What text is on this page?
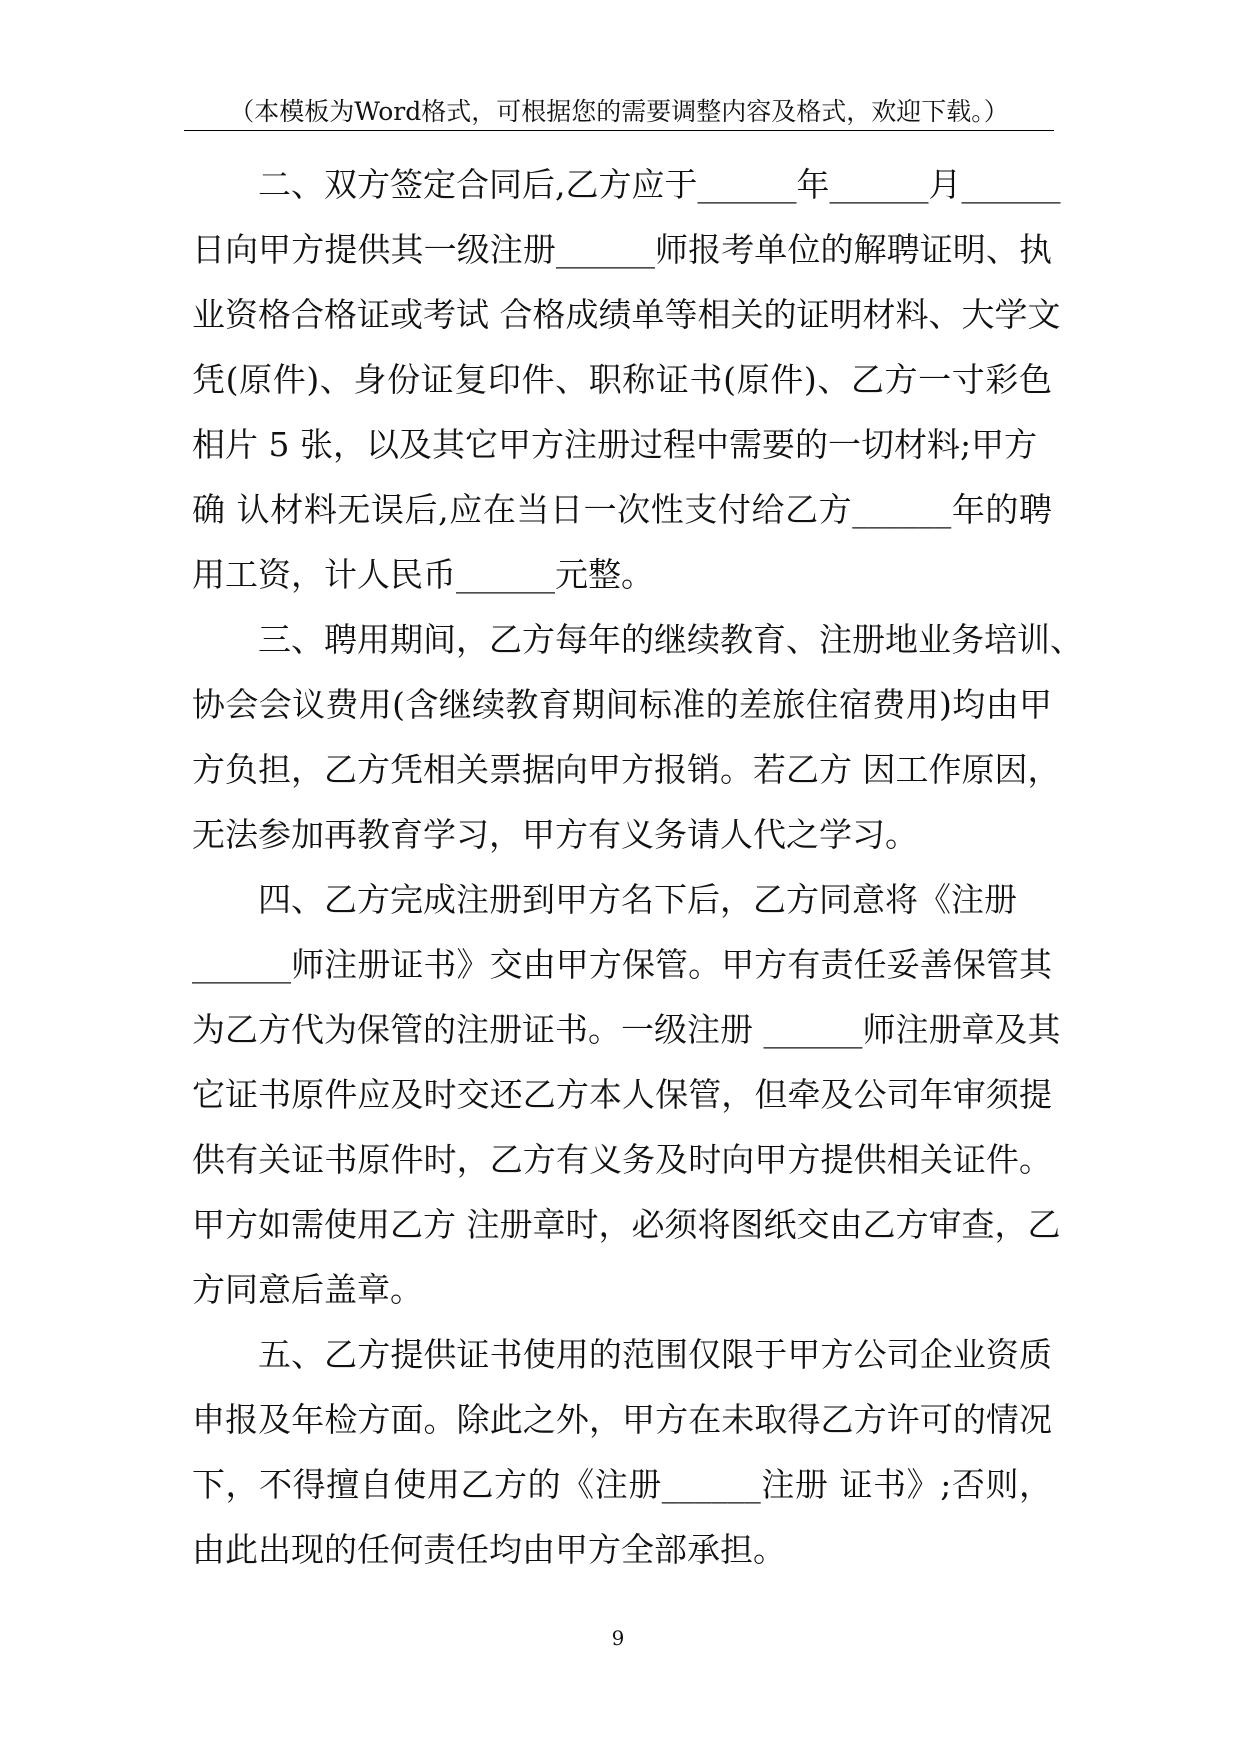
（本模板为Word格式，可根据您的需要调整内容及格式，欢迎下载。）
二、双方签定合同后,乙方应于______年______月______
日向甲方提供其一级注册______师报考单位的解聘证明、执
业资格合格证或考试 合格成绩单等相关的证明材料、大学文
凭(原件)、身份证复印件、职称证书(原件)、乙方一寸彩色
相片 5 张，以及其它甲方注册过程中需要的一切材料;甲方
确 认材料无误后,应在当日一次性支付给乙方______年的聘
用工资，计人民币______元整。
三、聘用期间，乙方每年的继续教育、注册地业务培训、
协会会议费用(含继续教育期间标准的差旅住宿费用)均由甲
方负担，乙方凭相关票据向甲方报销。若乙方 因工作原因，
无法参加再教育学习，甲方有义务请人代之学习。
四、乙方完成注册到甲方名下后，乙方同意将《注册
______师注册证书》交由甲方保管。甲方有责任妥善保管其
为乙方代为保管的注册证书。一级注册 ______师注册章及其
它证书原件应及时交还乙方本人保管，但牵及公司年审须提
供有关证书原件时，乙方有义务及时向甲方提供相关证件。
甲方如需使用乙方 注册章时，必须将图纸交由乙方审查，乙
方同意后盖章。
五、乙方提供证书使用的范围仅限于甲方公司企业资质
申报及年检方面。除此之外，甲方在未取得乙方许可的情况
下，不得擅自使用乙方的《注册______注册 证书》;否则，
由此出现的任何责任均由甲方全部承担。
9
